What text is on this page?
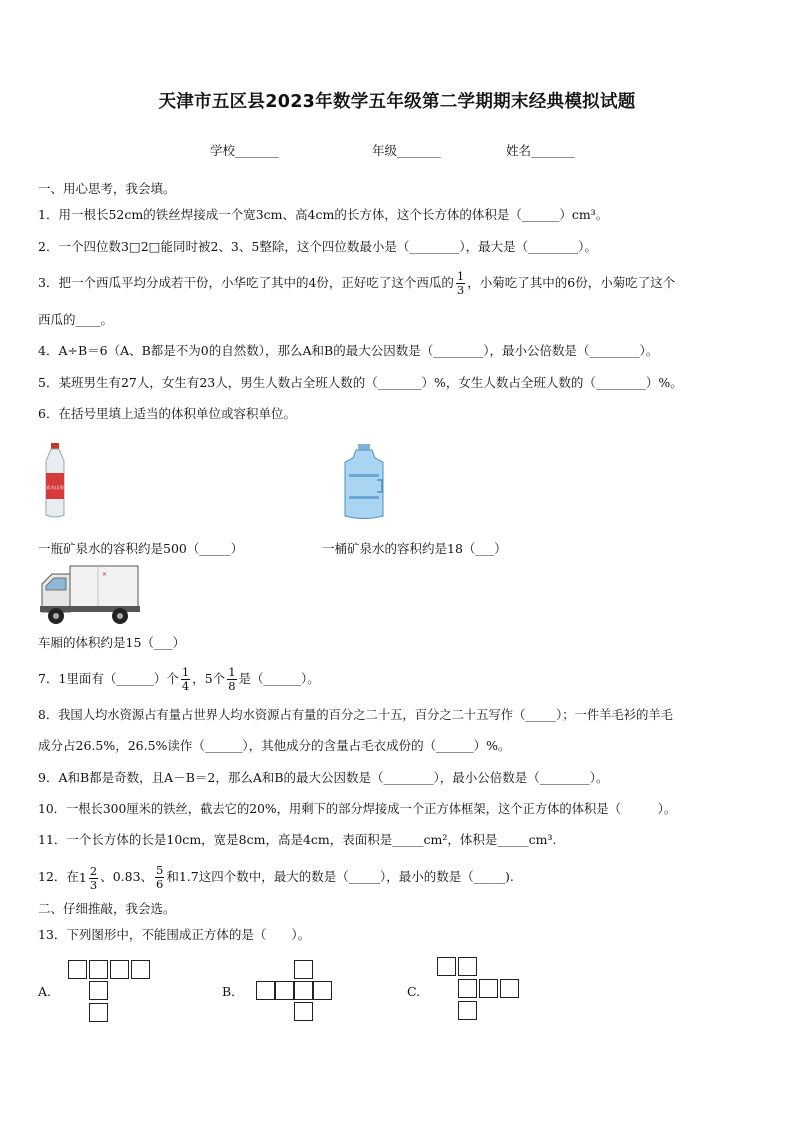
天津市五区县2023年数学五年级第二学期期末经典模拟试题
学校_______	年级_______	姓名_______
一、用心思考，我会填。
1．用一根长52cm的铁丝焊接成一个宽3cm、高4cm的长方体，这个长方体的体积是（______）cm³。
2．一个四位数3□2□能同时被2、3、5整除，这个四位数最小是（________），最大是（________）。
3．把一个西瓜平均分成若干份，小华吃了其中的4份，正好吃了这个西瓜的 $\frac{1}{3}$ ，小菊吃了其中的6份，小菊吃了这个
西瓜的____。
4．A÷B＝6（A、B都是不为0的自然数），那么A和B的最大公因数是（________），最小公倍数是（________）。
5．某班男生有27人，女生有23人，男生人数占全班人数的（_______）%，女生人数占全班人数的（________）%。
6．在括号里填上适当的体积单位或容积单位。
农夫山泉
一瓶矿泉水的容积约是500（_____）	一桶矿泉水的容积约是18（___）
✕
车厢的体积约是15（___）
7．1里面有（______）个 $\frac{1}{4}$ ，5个 $\frac{1}{8}$ 是（______）。
8．我国人均水资源占有量占世界人均水资源占有量的百分之二十五，百分之二十五写作（_____）；一件羊毛衫的羊毛
成分占26.5%，26.5%读作（______），其他成分的含量占毛衣成份的（______）%。
9．A和B都是奇数，且A－B＝2，那么A和B的最大公因数是（________），最小公倍数是（________）。
10．一根长300厘米的铁丝，截去它的20%，用剩下的部分焊接成一个正方体框架，这个正方体的体积是（　　　）。
11．一个长方体的长是10cm，宽是8cm，高是4cm，表面积是_____cm²，体积是_____cm³.
12．在$1 \frac{2}{3}$ 、0.83、 $\frac{5}{6}$ 和1.7这四个数中，最大的数是（_____），最小的数是（_____).
二、仔细推敲，我会选。
13．下列图形中，不能围成正方体的是（　　）。
A.	B．	C.
